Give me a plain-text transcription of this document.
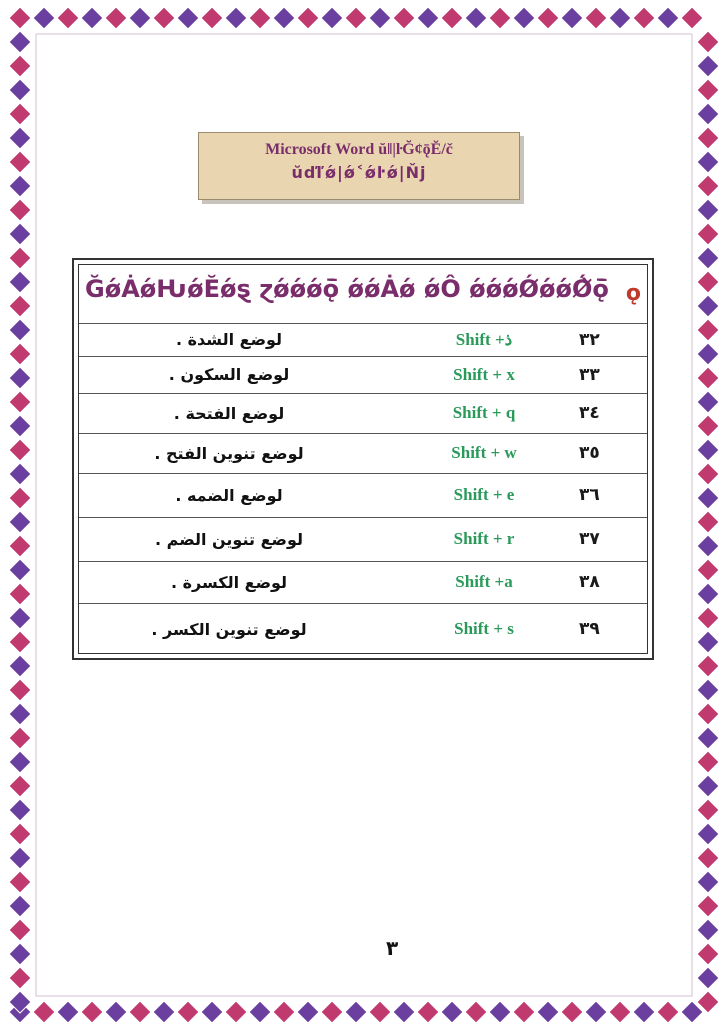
Microsoft Word ŭǁ|ŀĞ¢ǭĔ/č
ŭďľǿ|ǿ˂ǿŀǿ|Ňj
ĞǿȦǿǶǿĔǿȿ ɀǿǿǿǭ̄ ǿǿȦǿ ǿÔ ǿǿǿǾǿǿǾ̀ǭ̄ ǫ
٣٢
Shift +ذ
لوضع الشدة .
٣٣
Shift + x
لوضع السكون .
٣٤
Shift + q
لوضع الفتحة .
٣٥
Shift + w
لوضع تنوين الفتح .
٣٦
Shift + e
لوضع الضمه .
٣٧
Shift + r
لوضع تنوين الضم .
٣٨
Shift +a
لوضع الكسرة .
٣٩
Shift + s
لوضع تنوين الكسر .
٣
